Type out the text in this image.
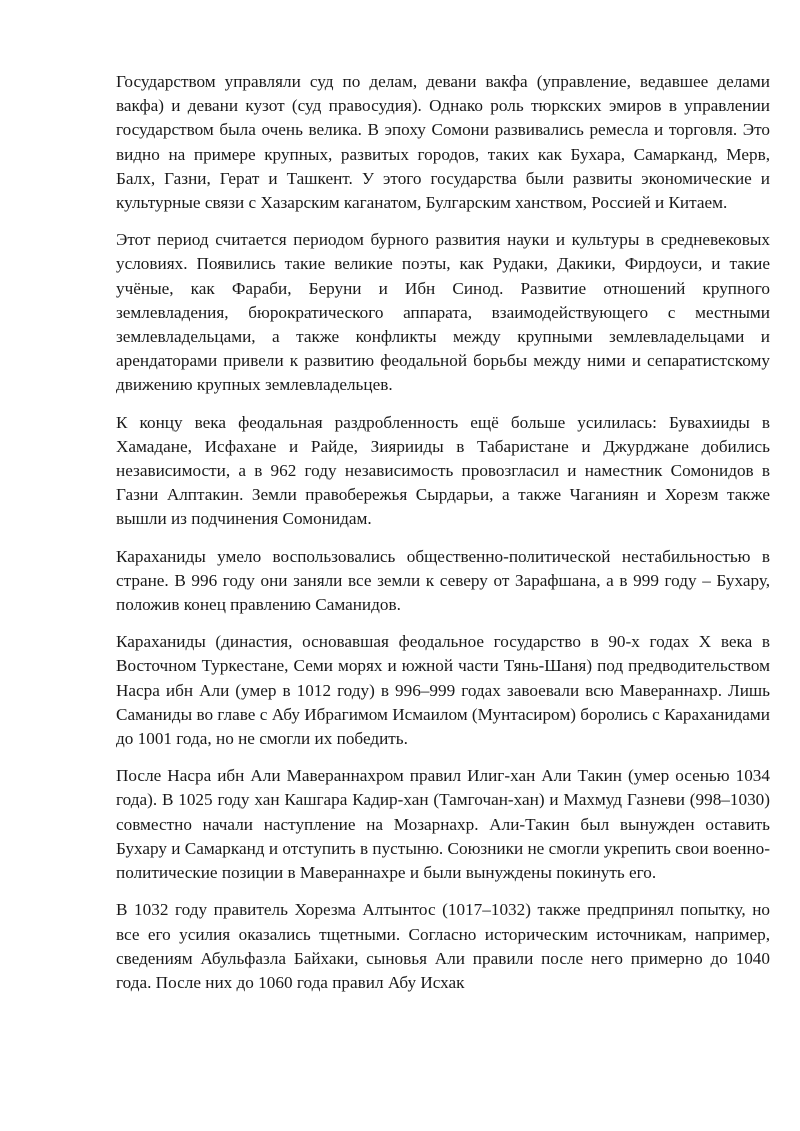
Государством управляли суд по делам, девани вакфа (управление, ведавшее делами вакфа) и девани кузот (суд правосудия). Однако роль тюркских эмиров в управлении государством была очень велика. В эпоху Сомони развивались ремесла и торговля. Это видно на примере крупных, развитых городов, таких как Бухара, Самарканд, Мерв, Балх, Газни, Герат и Ташкент. У этого государства были развиты экономические и культурные связи с Хазарским каганатом, Булгарским ханством, Россией и Китаем.

Этот период считается периодом бурного развития науки и культуры в средневековых условиях. Появились такие великие поэты, как Рудаки, Дакики, Фирдоуси, и такие учёные, как Фараби, Беруни и Ибн Синод. Развитие отношений крупного землевладения, бюрократического аппарата, взаимодействующего с местными землевладельцами, а также конфликты между крупными землевладельцами и арендаторами привели к развитию феодальной борьбы между ними и сепаратистскому движению крупных землевладельцев.

К концу века феодальная раздробленность ещё больше усилилась: Бувахииды в Хамадане, Исфахане и Райде, Зиярииды в Табаристане и Джурджане добились независимости, а в 962 году независимость провозгласил и наместник Сомонидов в Газни Алптакин. Земли правобережья Сырдарьи, а также Чаганиян и Хорезм также вышли из подчинения Сомонидам.

Караханиды умело воспользовались общественно-политической нестабильностью в стране. В 996 году они заняли все земли к северу от Зарафшана, а в 999 году – Бухару, положив конец правлению Саманидов.

Караханиды (династия, основавшая феодальное государство в 90-х годах X века в Восточном Туркестане, Семи морях и южной части Тянь-Шаня) под предводительством Насра ибн Али (умер в 1012 году) в 996–999 годах завоевали всю Мавераннахр. Лишь Саманиды во главе с Абу Ибрагимом Исмаилом (Мунтасиром) боролись с Караханидами до 1001 года, но не смогли их победить.

После Насра ибн Али Мавераннахром правил Илиг-хан Али Такин (умер осенью 1034 года). В 1025 году хан Кашгара Кадир-хан (Тамгочан-хан) и Махмуд Газневи (998–1030) совместно начали наступление на Мозарнахр. Али-Такин был вынужден оставить Бухару и Самарканд и отступить в пустыню. Союзники не смогли укрепить свои военно-политические позиции в Мавераннахре и были вынуждены покинуть его.

В 1032 году правитель Хорезма Алтынтос (1017–1032) также предпринял попытку, но все его усилия оказались тщетными. Согласно историческим источникам, например, сведениям Абульфазла Байхаки, сыновья Али правили после него примерно до 1040 года. После них до 1060 года правил Абу Исхак
